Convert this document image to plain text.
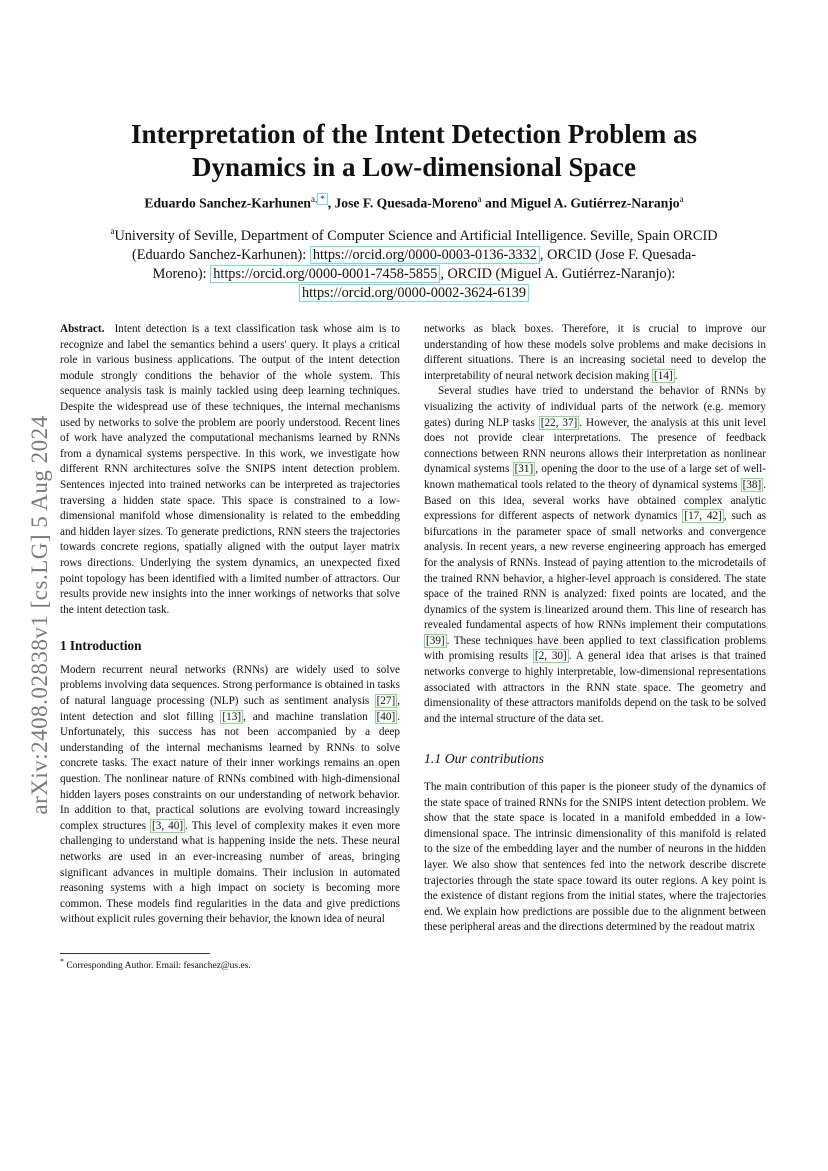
arXiv:2408.02838v1 [cs.LG] 5 Aug 2024
Interpretation of the Intent Detection Problem as
Dynamics in a Low-dimensional Space
Eduardo Sanchez-Karhunen$^{a,}$ * , Jose F. Quesada-Moreno$^a$ and Miguel A. Gutiérrez-Naranjo$^a$
$^a$University of Seville, Department of Computer Science and Artificial Intelligence. Seville, Spain ORCID (Eduardo Sanchez-Karhunen): https://orcid.org/0000-0003-0136-3332 , ORCID (Jose F. Quesada-Moreno): https://orcid.org/0000-0001-7458-5855 , ORCID (Miguel A. Gutiérrez-Naranjo): https://orcid.org/0000-0002-3624-6139

Abstract. Intent detection is a text classification task whose aim is to recognize and label the semantics behind a users' query. It plays a critical role in various business applications. The output of the intent detection module strongly conditions the behavior of the whole system. This sequence analysis task is mainly tackled using deep learning techniques. Despite the widespread use of these techniques, the internal mechanisms used by networks to solve the problem are poorly understood. Recent lines of work have analyzed the computational mechanisms learned by RNNs from a dynamical systems perspective. In this work, we investigate how different RNN architectures solve the SNIPS intent detection problem. Sentences injected into trained networks can be interpreted as trajectories traversing a hidden state space. This space is constrained to a low-dimensional manifold whose dimensionality is related to the embedding and hidden layer sizes. To generate predictions, RNN steers the trajectories towards concrete regions, spatially aligned with the output layer matrix rows directions. Underlying the system dynamics, an unexpected fixed point topology has been identified with a limited number of attractors. Our results provide new insights into the inner workings of networks that solve the intent detection task.

1 Introduction

Modern recurrent neural networks (RNNs) are widely used to solve problems involving data sequences. Strong performance is obtained in tasks of natural language processing (NLP) such as sentiment analysis [27] , intent detection and slot filling [13] , and machine translation [40] . Unfortunately, this success has not been accompanied by a deep understanding of the internal mechanisms learned by RNNs to solve concrete tasks. The exact nature of their inner workings remains an open question. The nonlinear nature of RNNs combined with high-dimensional hidden layers poses constraints on our understanding of network behavior. In addition to that, practical solutions are evolving toward increasingly complex structures [3, 40] . This level of complexity makes it even more challenging to understand what is happening inside the nets. These neural networks are used in an ever-increasing number of areas, bringing significant advances in multiple domains. Their inclusion in automated reasoning systems with a high impact on society is becoming more common. These models find regularities in the data and give predictions without explicit rules governing their behavior, the known idea of neural

* Corresponding Author. Email: fesanchez@us.es.

networks as black boxes. Therefore, it is crucial to improve our understanding of how these models solve problems and make decisions in different situations. There is an increasing societal need to develop the interpretability of neural network decision making [14] .

Several studies have tried to understand the behavior of RNNs by visualizing the activity of individual parts of the network (e.g. memory gates) during NLP tasks [22, 37] . However, the analysis at this unit level does not provide clear interpretations. The presence of feedback connections between RNN neurons allows their interpretation as nonlinear dynamical systems [31] , opening the door to the use of a large set of well-known mathematical tools related to the theory of dynamical systems [38] . Based on this idea, several works have obtained complex analytic expressions for different aspects of network dynamics [17, 42] , such as bifurcations in the parameter space of small networks and convergence analysis. In recent years, a new reverse engineering approach has emerged for the analysis of RNNs. Instead of paying attention to the microdetails of the trained RNN behavior, a higher-level approach is considered. The state space of the trained RNN is analyzed: fixed points are located, and the dynamics of the system is linearized around them. This line of research has revealed fundamental aspects of how RNNs implement their computations [39] . These techniques have been applied to text classification problems with promising results [2, 30] . A general idea that arises is that trained networks converge to highly interpretable, low-dimensional representations associated with attractors in the RNN state space. The geometry and dimensionality of these attractors manifolds depend on the task to be solved and the internal structure of the data set.

1.1 Our contributions

The main contribution of this paper is the pioneer study of the dynamics of the state space of trained RNNs for the SNIPS intent detection problem. We show that the state space is located in a manifold embedded in a low-dimensional space. The intrinsic dimensionality of this manifold is related to the size of the embedding layer and the number of neurons in the hidden layer. We also show that sentences fed into the network describe discrete trajectories through the state space toward its outer regions. A key point is the existence of distant regions from the initial states, where the trajectories end. We explain how predictions are possible due to the alignment between these peripheral areas and the directions determined by the readout matrix
